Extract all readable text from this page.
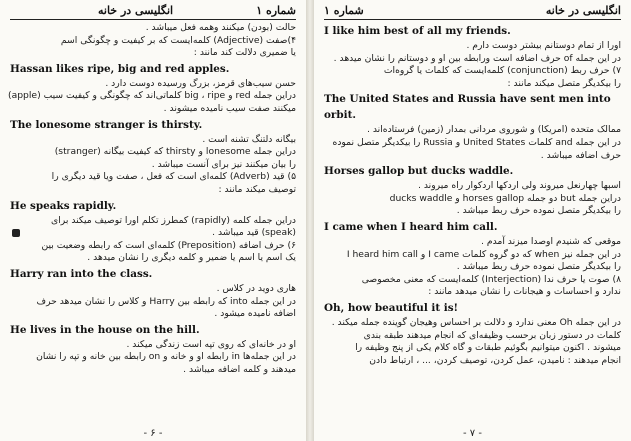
شماره ۱
انگلیسی در خانه

حالت (بودن) میکنند وهمه فعل میباشد .

۴)صفت (Adjective) کلمه‌ایست که بر کیفیت و چگونگی اسم

یا ضمیری دلالت کند مانند :

Hassan likes ripe, big and red apples.

حسن سیب‌های قرمز، بزرگ ورسیده دوست دارد .

دراین جمله red و big ، ripe کلماتی‌اند که چگونگی و کیفیت سیب (apple)

میکنند صفت سیب نامیده میشوند .

The lonesome stranger is thirsty.

بیگانه دلتنگ تشنه است .

دراین جمله lonesome و thirsty که کیفیت بیگانه (stranger)

را بیان میکنند نیز برای آنست میباشد .

۵) قید (Adverb) کلمه‌ای است که فعل ، صفت ویا قید دیگری را

توصیف میکند مانند :

He speaks rapidly.

دراین جمله کلمه (rapidly) کمطرز تکلم اورا توصیف میکند برای

(speak) قید میباشد .

۶) حرف اضافه (Preposition) کلمه‌ای است که رابطه وضعیت بین

یک اسم یا اسم یا ضمیر و کلمه دیگری را نشان میدهد .

Harry ran into the class.

هاری دوید در کلاس .

در این جمله into که رابطه بین Harry و کلاس را نشان میدهد حرف

اضافه نامیده میشود .

He lives in the house on the hill.

او در خانه‌ای که روی تپه است زندگی میکند .

در این جمله‌ها in رابطه او و خانه و on رابطه بین خانه و تپه را نشان

میدهند و کلمه اضافه میباشد .

- ۶ -
شماره ۱	انگلیسی در خانه

I like him best of all my friends.

اورا از تمام دوستانم بیشتر دوست دارم .

در این جمله of حرف اضافه است ورابطه بین او و دوستانم را نشان میدهد .

۷) حرف ربط (conjunction) کلمه‌ایست که کلمات یا گروه‌ات

را بیکدیگر متصل میکند مانند :

The United States and Russia have sent men into

orbit.

ممالک متحده (امریکا) و شوروی مردانی بمدار (زمین) فرستاده‌اند .

در این جمله and کلمات United States و Russia را بیکدیگر متصل نموده

حرف اضافه میباشد .

Horses gallop but ducks waddle.

اسبها چهارنعل میروند ولی اردکها اردکوار راه میروند .

دراین جمله but دو جمله horses gallop و ducks waddle

را بیکدیگر متصل نموده حرف ربط میباشد .

I came when I heard him call.

موقعی که شنیدم اوصدا میزند آمدم .

در این جمله نیز when که دو گروه کلمات I came و I heard him call

را بیکدیگر متصل نموده حرف ربط میباشد .

۸) صوت یا حرف ندا (Interjection) کلمه‌ایست که معنی مخصوصی

ندارد و احساسات و هیجانات را نشان میدهد مانند :

Oh, how beautiful it is!

در این جمله Oh معنی ندارد و دلالت بر احساس وهیجان گوینده جمله میکند .

کلمات در دستور زبان برحسب وظیفه‌ای که انجام میدهند طبقه بندی

میشوند . اکنون میتوانیم بگوئیم طبقات و گاه کلام یکی از پنج وظیفه را

انجام میدهند : نامیدن، عمل کردن، توصیف کردن، ... ، ارتباط دادن

- ۷ -
